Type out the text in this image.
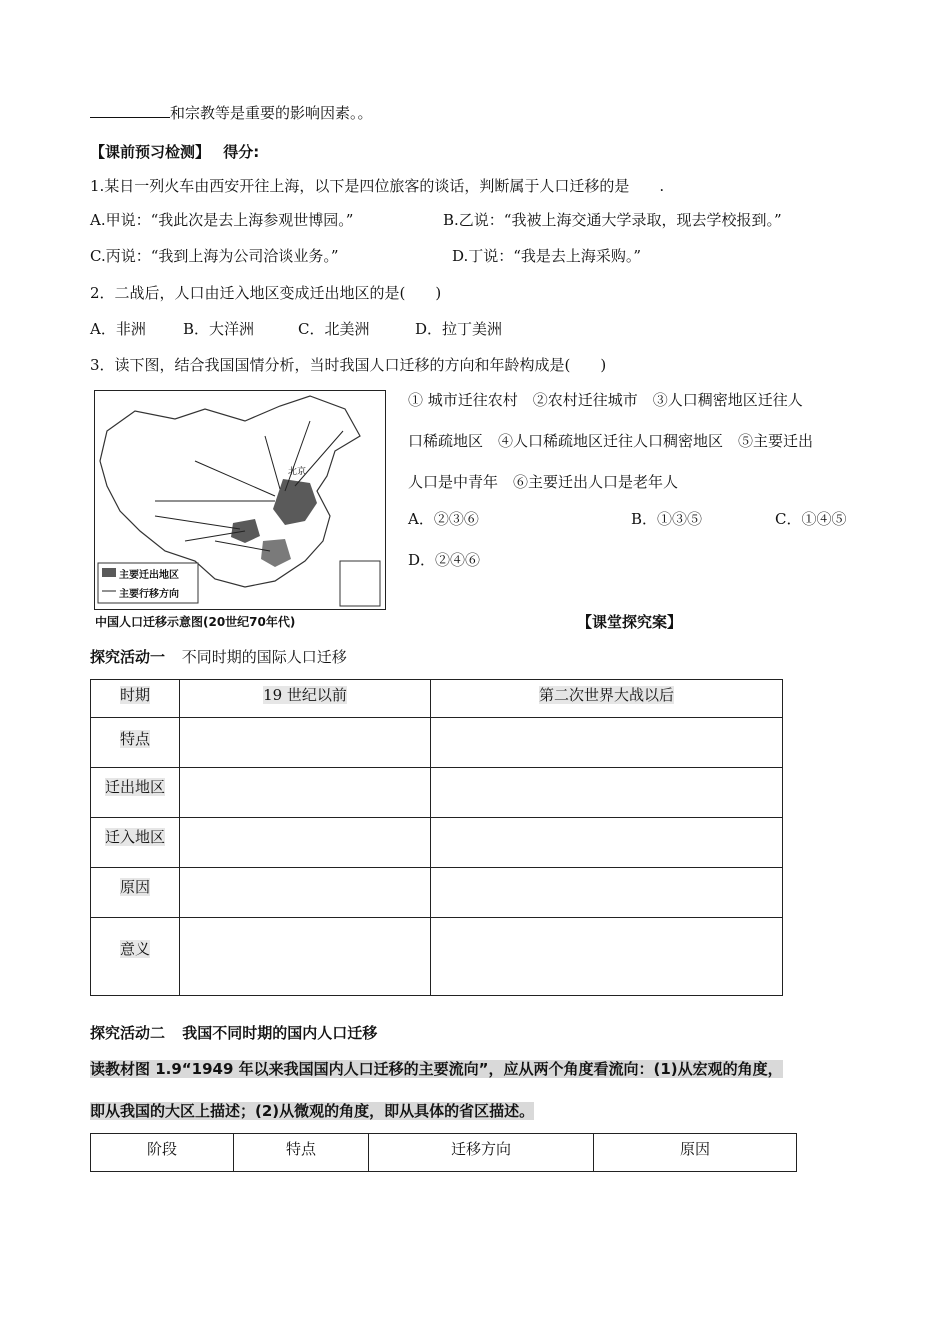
和宗教等是重要的影响因素。。
【课前预习检测】 得分:
1.某日一列火车由西安开往上海，以下是四位旅客的谈话，判断属于人口迁移的是 .
A.甲说：“我此次是去上海参观世博园。”	B.乙说：“我被上海交通大学录取，现去学校报到。”
C.丙说：“我到上海为公司洽谈业务。”	D.丁说：“我是去上海采购。”
2．二战后，人口由迁入地区变成迁出地区的是(　　)
A．非洲 B．大洋洲	C．北美洲	D．拉丁美洲
3．读下图，结合我国国情分析，当时我国人口迁移的方向和年龄构成是(　　)
北京
主要迁出地区
主要行移方向
中国人口迁移示意图(20世纪70年代)
① 城市迁往农村　②农村迁往城市　③人口稠密地区迁往人
口稀疏地区　④人口稀疏地区迁往人口稠密地区　⑤主要迁出
人口是中青年　⑥主要迁出人口是老年人
A．②③⑥	B．①③⑤	C．①④⑤
D．②④⑥
【课堂探究案】
探究活动一 不同时期的国际人口迁移
时期	19 世纪以前	第二次世界大战以后
特点		
迁出地区		
迁入地区		
原因		
意义		
探究活动二 我国不同时期的国内人口迁移
读教材图 1.9“1949 年以来我国国内人口迁移的主要流向”，应从两个角度看流向：(1)从宏观的角度，
即从我国的大区上描述；(2)从微观的角度，即从具体的省区描述。
阶段	特点	迁移方向	原因
